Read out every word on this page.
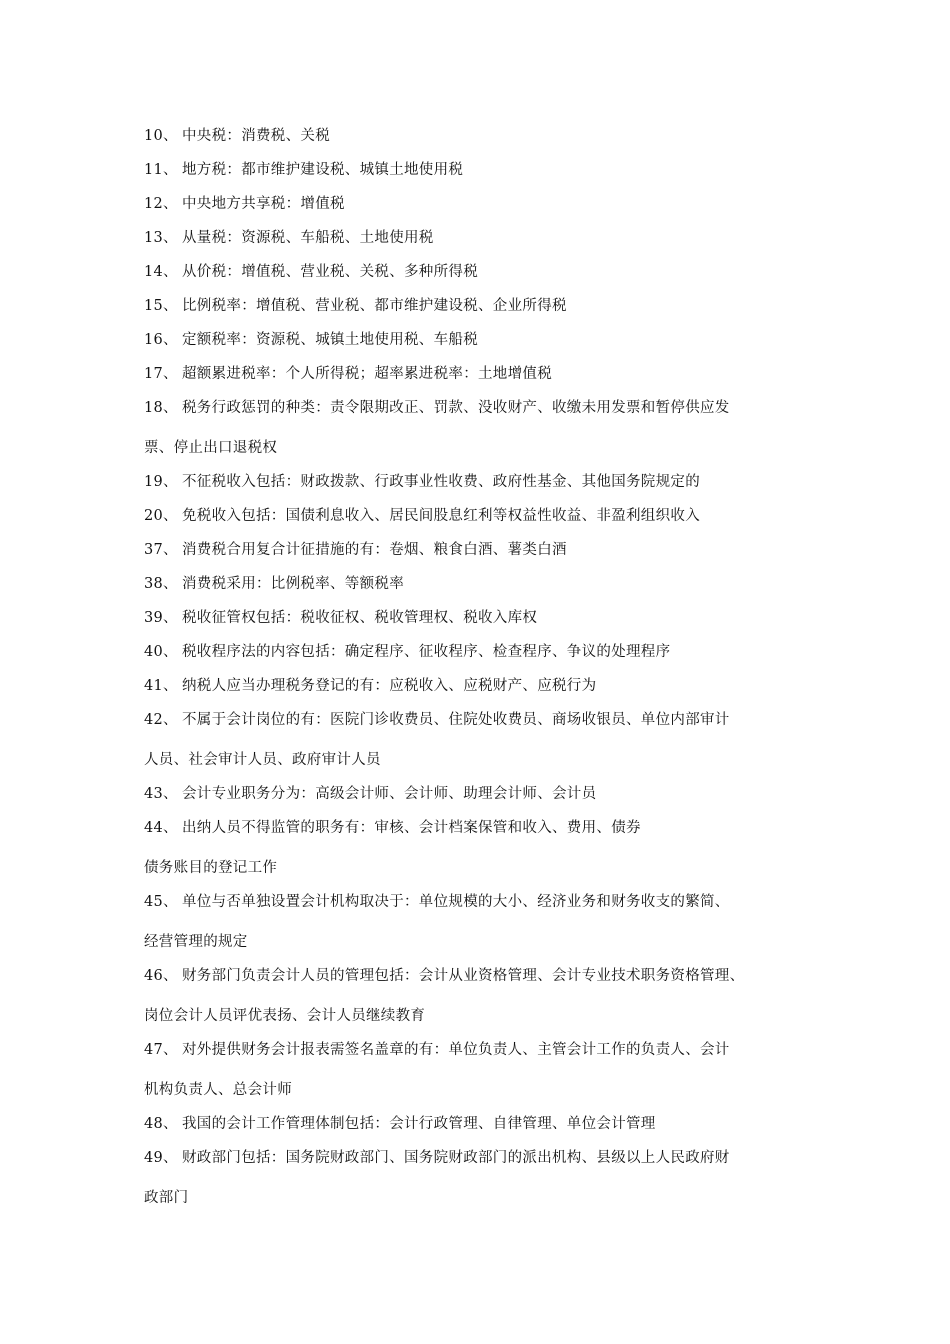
10、 中央税：消费税、关税
11、 地方税：都市维护建设税、城镇土地使用税
12、 中央地方共享税：增值税
13、 从量税：资源税、车船税、土地使用税
14、 从价税：增值税、营业税、关税、多种所得税
15、 比例税率：增值税、营业税、都市维护建设税、企业所得税
16、 定额税率：资源税、城镇土地使用税、车船税
17、 超额累进税率：个人所得税；超率累进税率：土地增值税
18、 税务行政惩罚的种类：责令限期改正、罚款、没收财产、收缴未用发票和暂停供应发
票、停止出口退税权
19、 不征税收入包括：财政拨款、行政事业性收费、政府性基金、其他国务院规定的
20、 免税收入包括：国债利息收入、居民间股息红利等权益性收益、非盈利组织收入
37、 消费税合用复合计征措施的有：卷烟、粮食白酒、薯类白酒
38、 消费税采用：比例税率、等额税率
39、 税收征管权包括：税收征权、税收管理权、税收入库权
40、 税收程序法的内容包括：确定程序、征收程序、检查程序、争议的处理程序
41、 纳税人应当办理税务登记的有：应税收入、应税财产、应税行为
42、 不属于会计岗位的有：医院门诊收费员、住院处收费员、商场收银员、单位内部审计
人员、社会审计人员、政府审计人员
43、 会计专业职务分为：高级会计师、会计师、助理会计师、会计员
44、 出纳人员不得监管的职务有：审核、会计档案保管和收入、费用、债券
债务账目的登记工作
45、 单位与否单独设置会计机构取决于：单位规模的大小、经济业务和财务收支的繁简、
经营管理的规定
46、 财务部门负责会计人员的管理包括：会计从业资格管理、会计专业技术职务资格管理、
岗位会计人员评优表扬、会计人员继续教育
47、 对外提供财务会计报表需签名盖章的有：单位负责人、主管会计工作的负责人、会计
机构负责人、总会计师
48、 我国的会计工作管理体制包括：会计行政管理、自律管理、单位会计管理
49、 财政部门包括：国务院财政部门、国务院财政部门的派出机构、县级以上人民政府财
政部门
